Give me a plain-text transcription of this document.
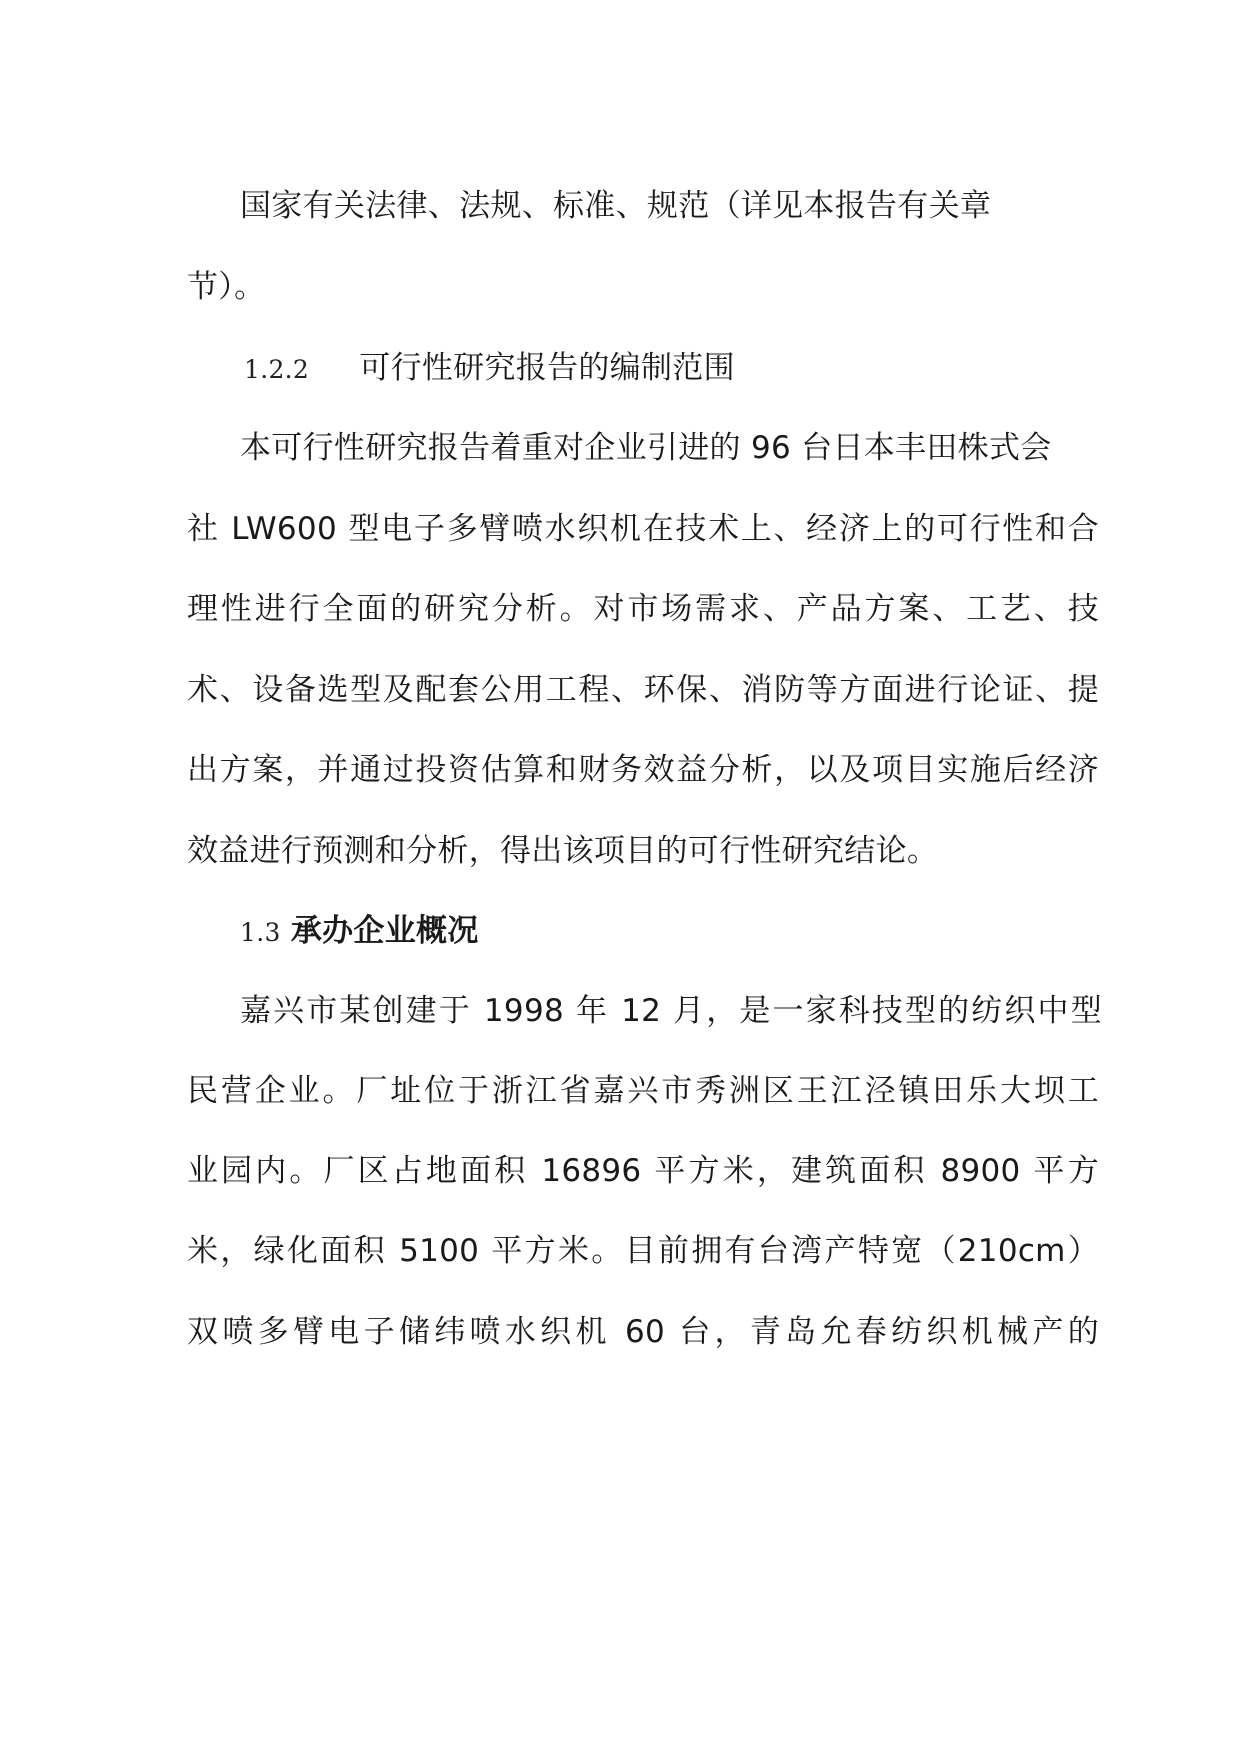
国家有关法律、法规、标准、规范（详见本报告有关章
节）。
1.2.2 可行性研究报告的编制范围
本可行性研究报告着重对企业引进的 96 台日本丰田株式会
社 LW600 型电子多臂喷水织机在技术上、经济上的可行性和合
理性进行全面的研究分析。对市场需求、产品方案、工艺、技
术、设备选型及配套公用工程、环保、消防等方面进行论证、提
出方案，并通过投资估算和财务效益分析，以及项目实施后经济
效益进行预测和分析，得出该项目的可行性研究结论。
1.3 承办企业概况
嘉兴市某创建于 1998 年 12 月，是一家科技型的纺织中型
民营企业。厂址位于浙江省嘉兴市秀洲区王江泾镇田乐大坝工
业园内。厂区占地面积 16896 平方米，建筑面积 8900 平方
米，绿化面积 5100 平方米。目前拥有台湾产特宽（210cm）
双喷多臂电子储纬喷水织机 60 台，青岛允春纺织机械产的
